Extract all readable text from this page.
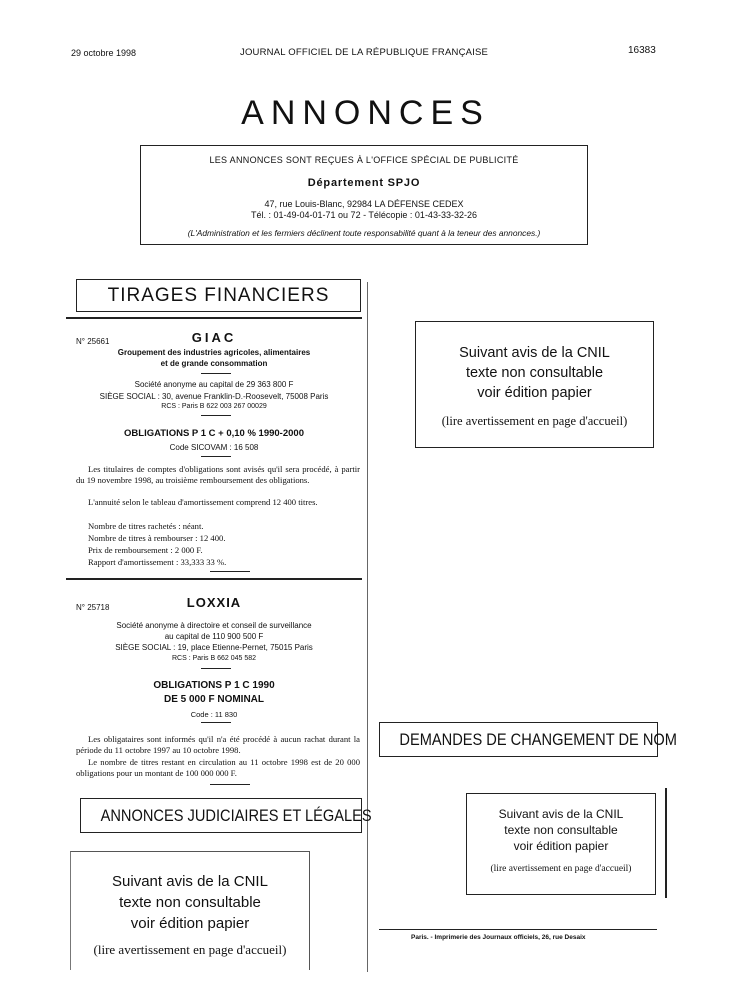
29 octobre 1998	JOURNAL OFFICIEL DE LA RÉPUBLIQUE FRANÇAISE	16383
ANNONCES
LES ANNONCES SONT REÇUES À L'OFFICE SPÉCIAL DE PUBLICITÉ
Département SPJO
47, rue Louis-Blanc, 92984 LA DÉFENSE CEDEX
Tél. : 01-49-04-01-71 ou 72 - Télécopie : 01-43-33-32-26
(L'Administration et les fermiers déclinent toute responsabilité quant à la teneur des annonces.)
TIRAGES FINANCIERS
N° 25661	GIAC
Groupement des industries agricoles, alimentaires
et de grande consommation
Société anonyme au capital de 29 363 800 F
SIÈGE SOCIAL : 30, avenue Franklin-D.-Roosevelt, 75008 Paris
RCS : Paris B 622 003 267 00029
OBLIGATIONS P 1 C + 0,10 % 1990-2000
Code SICOVAM : 16 508
Les titulaires de comptes d'obligations sont avisés qu'il sera procédé, à partir du 19 novembre 1998, au troisième remboursement des obligations.
L'annuité selon le tableau d'amortissement comprend 12 400 titres.
Nombre de titres rachetés : néant.
Nombre de titres à rembourser : 12 400.
Prix de remboursement : 2 000 F.
Rapport d'amortissement : 33,333 33 %.
N° 25718	LOXXIA
Société anonyme à directoire et conseil de surveillance
au capital de 110 900 500 F
SIÈGE SOCIAL : 19, place Etienne-Pernet, 75015 Paris
RCS : Paris B 662 045 582
OBLIGATIONS P 1 C 1990
DE 5 000 F NOMINAL
Code : 11 830
Les obligataires sont informés qu'il n'a été procédé à aucun rachat durant la période du 11 octobre 1997 au 10 octobre 1998.
Le nombre de titres restant en circulation au 11 octobre 1998 est de 20 000 obligations pour un montant de 100 000 000 F.
ANNONCES JUDICIAIRES ET LÉGALES
Suivant avis de la CNIL
texte non consultable
voir édition papier
(lire avertissement en page d'accueil)
Suivant avis de la CNIL
texte non consultable
voir édition papier
(lire avertissement en page d'accueil)
DEMANDES DE CHANGEMENT DE NOM
Suivant avis de la CNIL
texte non consultable
voir édition papier
(lire avertissement en page d'accueil)
Paris. - Imprimerie des Journaux officiels, 26, rue Desaix
